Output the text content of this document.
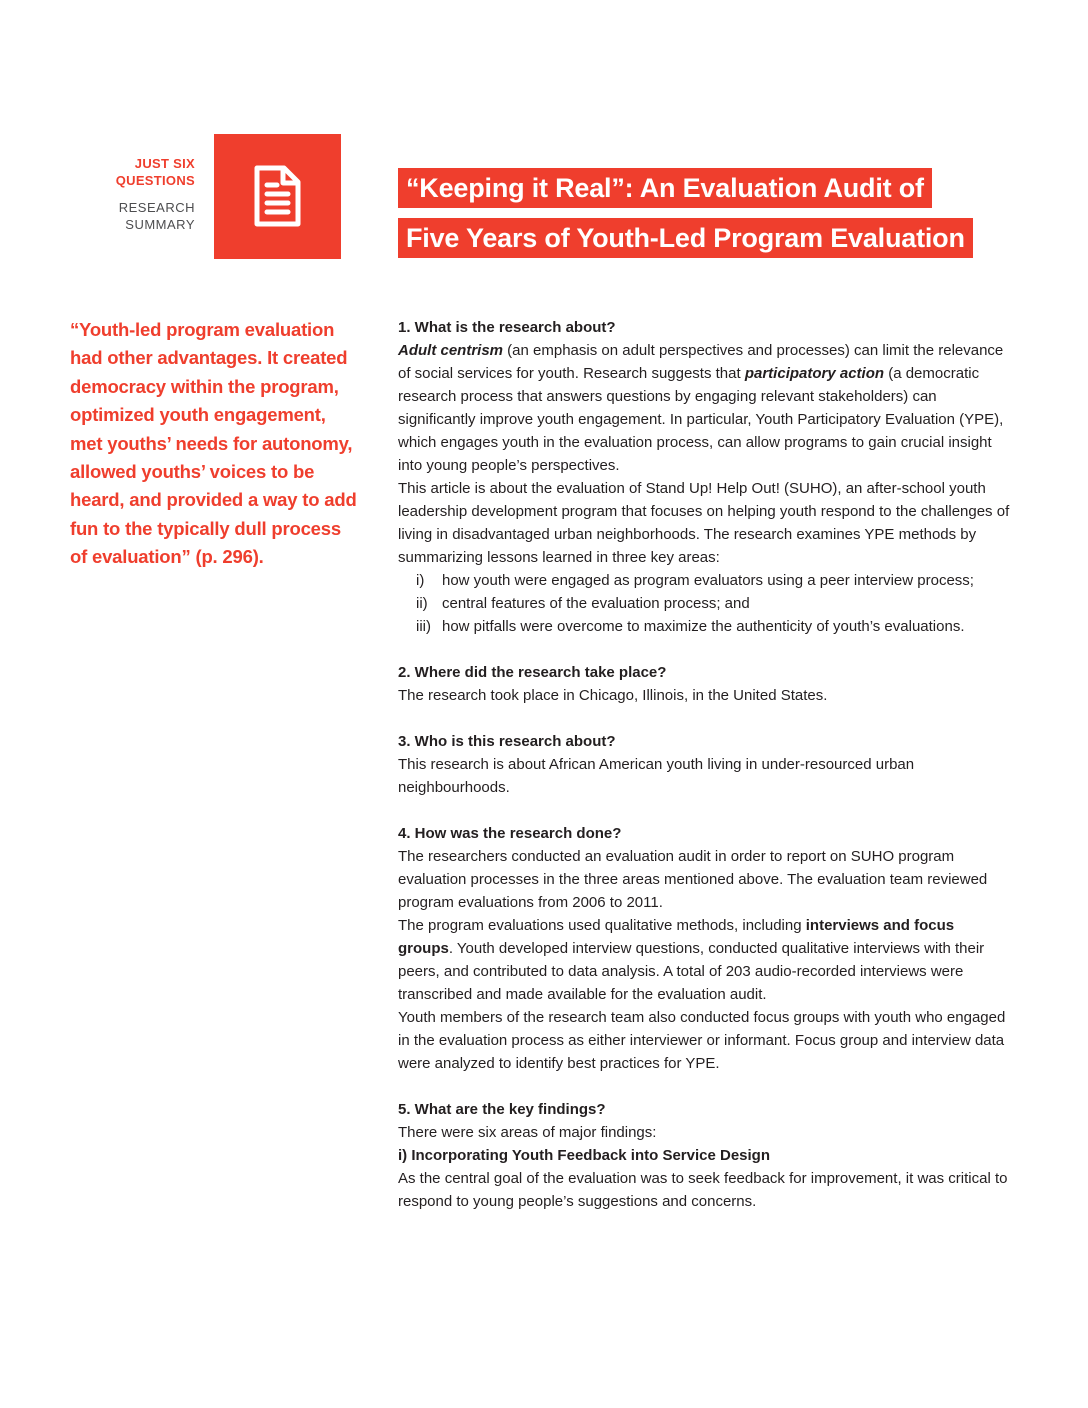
JUST SIX
QUESTIONS
RESEARCH
SUMMARY
“Keeping it Real”: An Evaluation Audit of
Five Years of Youth-Led Program Evaluation
“Youth-led program evaluation had other advantages. It created democracy within the program, optimized youth engagement, met youths’ needs for autonomy, allowed youths’ voices to be heard, and provided a way to add fun to the typically dull process of evaluation” (p. 296).
1. What is the research about?

Adult centrism (an emphasis on adult perspectives and processes) can limit the relevance of social services for youth. Research suggests that participatory action (a democratic research process that answers questions by engaging relevant stakeholders) can significantly improve youth engagement. In particular, Youth Participatory Evaluation (YPE), which engages youth in the evaluation process, can allow programs to gain crucial insight into young people’s perspectives.

This article is about the evaluation of Stand Up! Help Out! (SUHO), an after-school youth leadership development program that focuses on helping youth respond to the challenges of living in disadvantaged urban neighborhoods. The research examines YPE methods by summarizing lessons learned in three key areas:

i) how youth were engaged as program evaluators using a peer interview process;
ii) central features of the evaluation process; and
iii) how pitfalls were overcome to maximize the authenticity of youth’s evaluations.
2. Where did the research take place?

The research took place in Chicago, Illinois, in the United States.

3. Who is this research about?

This research is about African American youth living in under-resourced urban neighbourhoods.

4. How was the research done?

The researchers conducted an evaluation audit in order to report on SUHO program evaluation processes in the three areas mentioned above. The evaluation team reviewed program evaluations from 2006 to 2011.

The program evaluations used qualitative methods, including interviews and focus groups. Youth developed interview questions, conducted qualitative interviews with their peers, and contributed to data analysis. A total of 203 audio-recorded interviews were transcribed and made available for the evaluation audit.

Youth members of the research team also conducted focus groups with youth who engaged in the evaluation process as either interviewer or informant. Focus group and interview data were analyzed to identify best practices for YPE.

5. What are the key findings?

There were six areas of major findings:

i) Incorporating Youth Feedback into Service Design

As the central goal of the evaluation was to seek feedback for improvement, it was critical to respond to young people’s suggestions and concerns.
